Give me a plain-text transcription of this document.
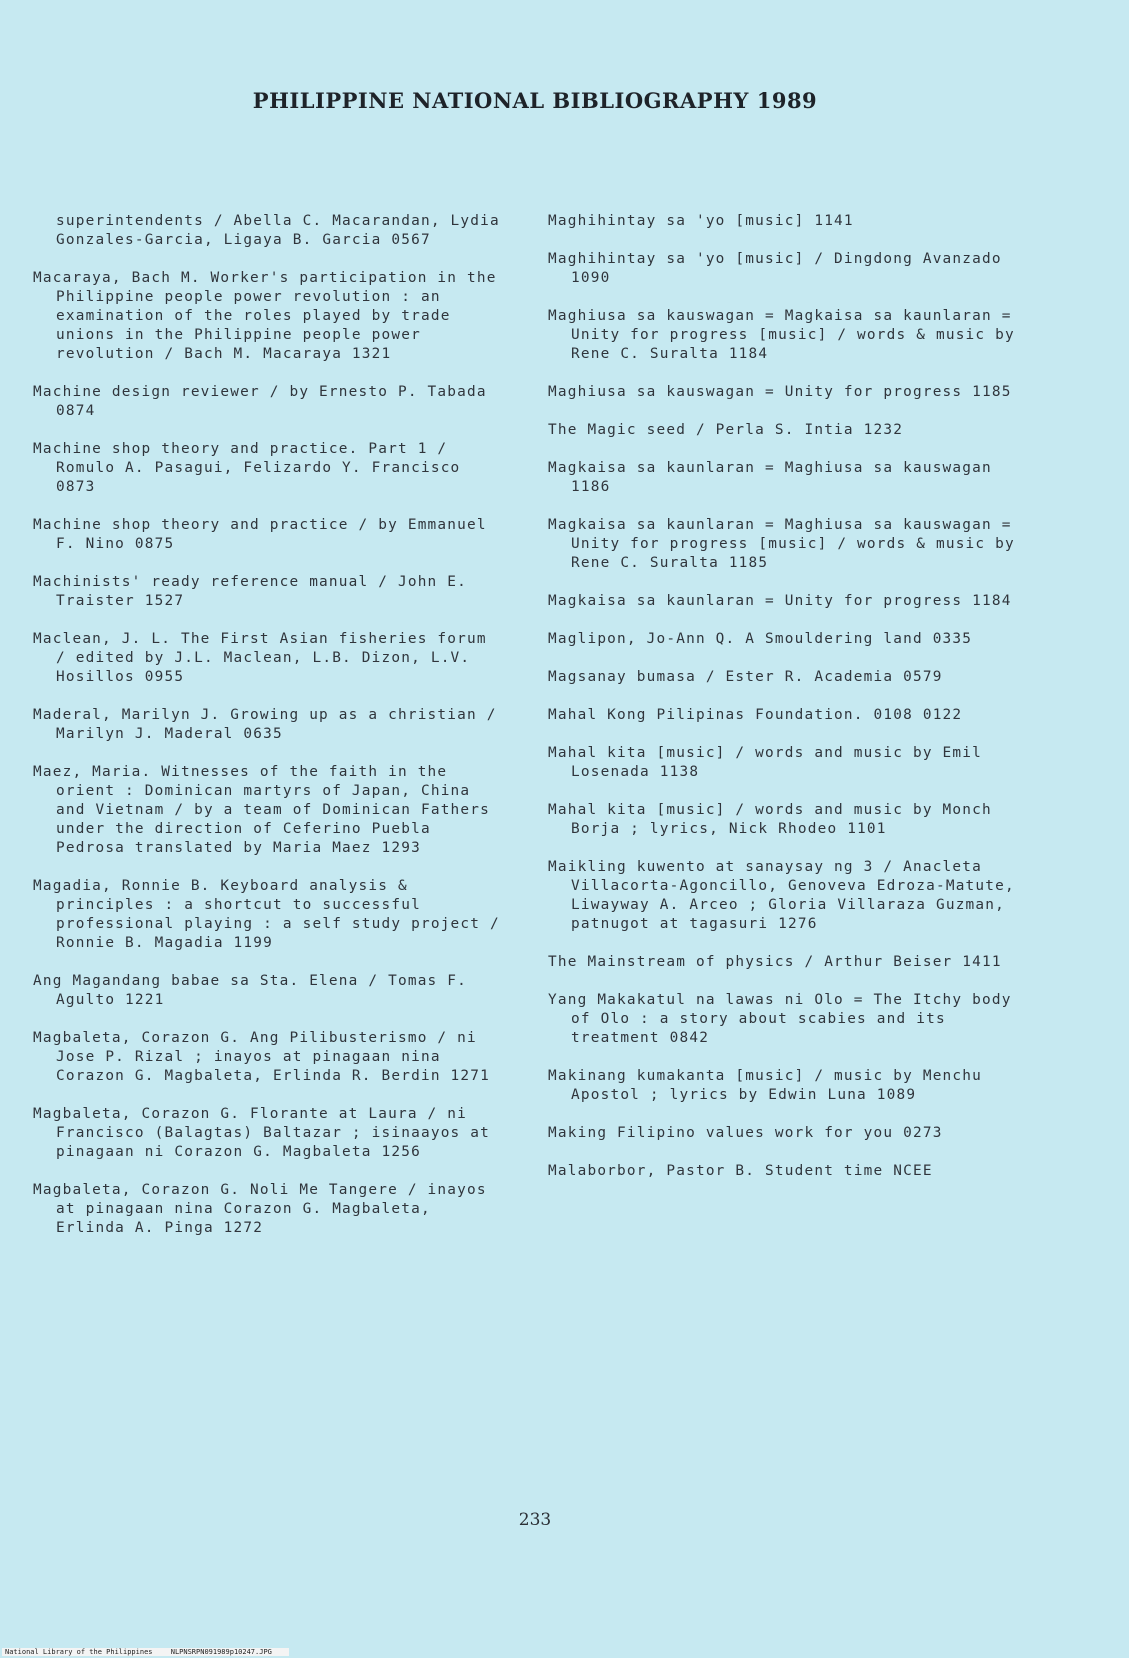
PHILIPPINE NATIONAL BIBLIOGRAPHY 1989
superintendents / Abella C. Macarandan, Lydia Gonzales-Garcia, Ligaya B. Garcia 0567
Macaraya, Bach M. Worker's participation in the Philippine people power revolution : an examination of the roles played by trade unions in the Philippine people power revolution / Bach M. Macaraya 1321
Machine design reviewer / by Ernesto P. Tabada 0874
Machine shop theory and practice. Part 1 / Romulo A. Pasagui, Felizardo Y. Francisco 0873
Machine shop theory and practice / by Emmanuel F. Nino 0875
Machinists' ready reference manual / John E. Traister 1527
Maclean, J. L. The First Asian fisheries forum / edited by J.L. Maclean, L.B. Dizon, L.V. Hosillos 0955
Maderal, Marilyn J. Growing up as a christian / Marilyn J. Maderal 0635
Maez, Maria. Witnesses of the faith in the orient : Dominican martyrs of Japan, China and Vietnam / by a team of Dominican Fathers under the direction of Ceferino Puebla Pedrosa translated by Maria Maez 1293
Magadia, Ronnie B. Keyboard analysis & principles : a shortcut to successful professional playing : a self study project / Ronnie B. Magadia 1199
Ang Magandang babae sa Sta. Elena / Tomas F. Agulto 1221
Magbaleta, Corazon G. Ang Pilibusterismo / ni Jose P. Rizal ; inayos at pinagaan nina Corazon G. Magbaleta, Erlinda R. Berdin 1271
Magbaleta, Corazon G. Florante at Laura / ni Francisco (Balagtas) Baltazar ; isinaayos at pinagaan ni Corazon G. Magbaleta 1256
Magbaleta, Corazon G. Noli Me Tangere / inayos at pinagaan nina Corazon G. Magbaleta, Erlinda A. Pinga 1272
Maghihintay sa 'yo [music] 1141
Maghihintay sa 'yo [music] / Dingdong Avanzado 1090
Maghiusa sa kauswagan = Magkaisa sa kaunlaran = Unity for progress [music] / words & music by Rene C. Suralta 1184
Maghiusa sa kauswagan = Unity for progress 1185
The Magic seed / Perla S. Intia 1232
Magkaisa sa kaunlaran = Maghiusa sa kauswagan 1186
Magkaisa sa kaunlaran = Maghiusa sa kauswagan = Unity for progress [music] / words & music by Rene C. Suralta 1185
Magkaisa sa kaunlaran = Unity for progress 1184
Maglipon, Jo-Ann Q. A Smouldering land 0335
Magsanay bumasa / Ester R. Academia 0579
Mahal Kong Pilipinas Foundation. 0108 0122
Mahal kita [music] / words and music by Emil Losenada 1138
Mahal kita [music] / words and music by Monch Borja ; lyrics, Nick Rhodeo 1101
Maikling kuwento at sanaysay ng 3 / Anacleta Villacorta-Agoncillo, Genoveva Edroza-Matute, Liwayway A. Arceo ; Gloria Villaraza Guzman, patnugot at tagasuri 1276
The Mainstream of physics / Arthur Beiser 1411
Yang Makakatul na lawas ni Olo = The Itchy body of Olo : a story about scabies and its treatment 0842
Makinang kumakanta [music] / music by Menchu Apostol ; lyrics by Edwin Luna 1089
Making Filipino values work for you 0273
Malaborbor, Pastor B. Student time NCEE
233
National Library of the Philippines	NLPNSRPN091989p10247.JPG
